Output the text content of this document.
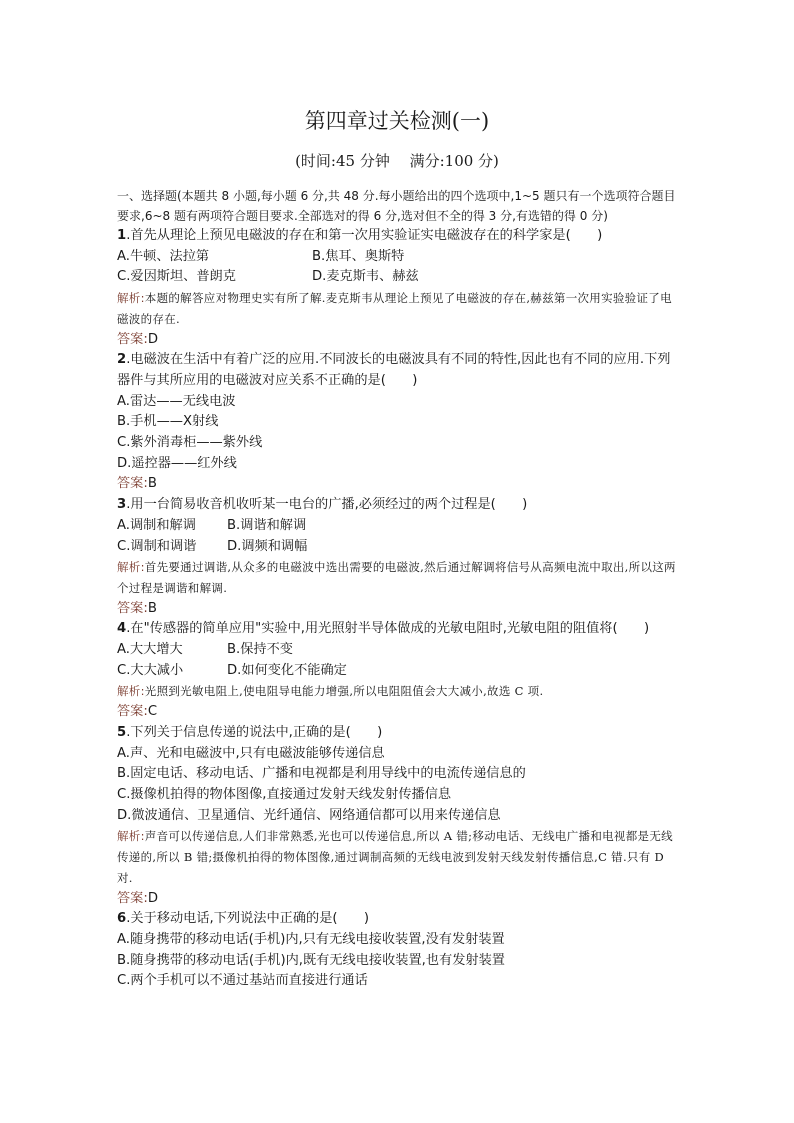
第四章过关检测(一)
(时间:45 分钟　 满分:100 分)
一、选择题(本题共 8 小题,每小题 6 分,共 48 分.每小题给出的四个选项中,1~5 题只有一个选项符合题目要求,6~8 题有两项符合题目要求.全部选对的得 6 分,选对但不全的得 3 分,有选错的得 0 分)
1.首先从理论上预见电磁波的存在和第一次用实验证实电磁波存在的科学家是(　　)
A.牛顿、法拉第	B.焦耳、奥斯特
C.爱因斯坦、普朗克	D.麦克斯韦、赫兹
解析:本题的解答应对物理史实有所了解.麦克斯韦从理论上预见了电磁波的存在,赫兹第一次用实验验证了电磁波的存在.
答案:D
2.电磁波在生活中有着广泛的应用.不同波长的电磁波具有不同的特性,因此也有不同的应用.下列器件与其所应用的电磁波对应关系不正确的是(　　)
A.雷达——无线电波
B.手机——X射线
C.紫外消毒柜——紫外线
D.遥控器——红外线
答案:B
3.用一台简易收音机收听某一电台的广播,必须经过的两个过程是(　　)
A.调制和解调	B.调谐和解调
C.调制和调谐	D.调频和调幅
解析:首先要通过调谐,从众多的电磁波中选出需要的电磁波,然后通过解调将信号从高频电流中取出,所以这两个过程是调谐和解调.
答案:B
4.在"传感器的简单应用"实验中,用光照射半导体做成的光敏电阻时,光敏电阻的阻值将(　　)
A.大大增大	B.保持不变
C.大大减小	D.如何变化不能确定
解析:光照到光敏电阻上,使电阻导电能力增强,所以电阻阻值会大大减小,故选 C 项.
答案:C
5.下列关于信息传递的说法中,正确的是(　　)
A.声、光和电磁波中,只有电磁波能够传递信息
B.固定电话、移动电话、广播和电视都是利用导线中的电流传递信息的
C.摄像机拍得的物体图像,直接通过发射天线发射传播信息
D.微波通信、卫星通信、光纤通信、网络通信都可以用来传递信息
解析:声音可以传递信息,人们非常熟悉,光也可以传递信息,所以 A 错;移动电话、无线电广播和电视都是无线传递的,所以 B 错;摄像机拍得的物体图像,通过调制高频的无线电波到发射天线发射传播信息,C 错.只有 D 对.
答案:D
6.关于移动电话,下列说法中正确的是(　　)
A.随身携带的移动电话(手机)内,只有无线电接收装置,没有发射装置
B.随身携带的移动电话(手机)内,既有无线电接收装置,也有发射装置
C.两个手机可以不通过基站而直接进行通话
